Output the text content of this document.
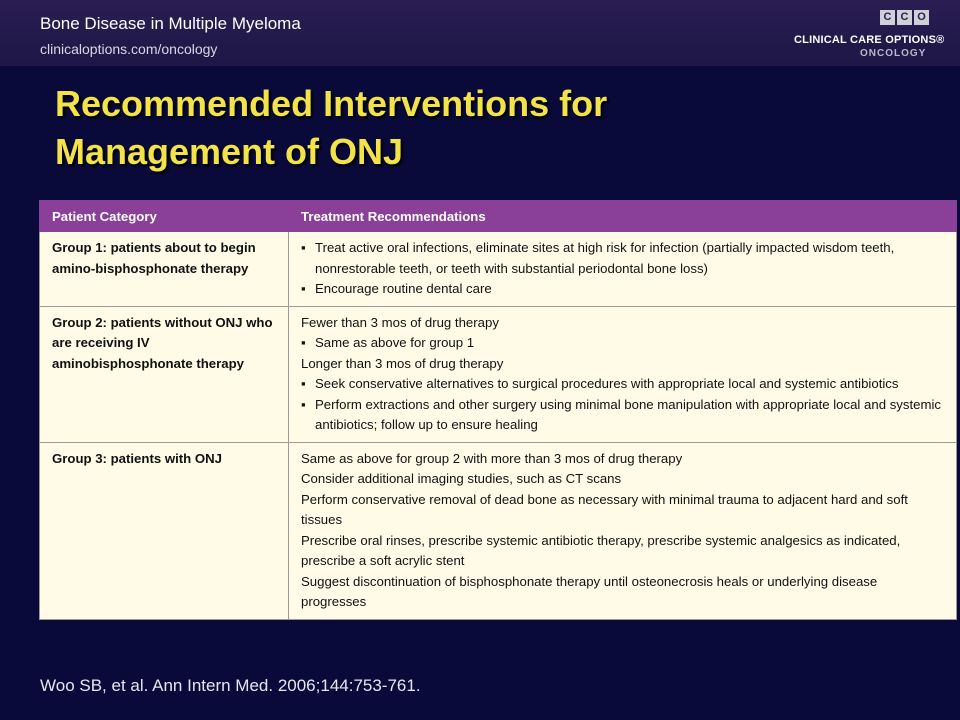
Bone Disease in Multiple Myeloma
clinicaloptions.com/oncology
C C O
CLINICAL CARE OPTIONS®
ONCOLOGY
Recommended Interventions for
Management of ONJ
Patient Category	Treatment Recommendations
Group 1: patients about to begin amino-bisphosphonate therapy	▪ Treat active oral infections, eliminate sites at high risk for infection (partially impacted wisdom teeth, nonrestorable teeth, or teeth with substantial periodontal bone loss)
▪ Encourage routine dental care

Group 2: patients without ONJ who are receiving IV aminobisphosphonate therapy	Fewer than 3 mos of drug therapy
▪ Same as above for group 1
Longer than 3 mos of drug therapy
▪ Seek conservative alternatives to surgical procedures with appropriate local and systemic antibiotics
▪ Perform extractions and other surgery using minimal bone manipulation with appropriate local and systemic antibiotics; follow up to ensure healing

Group 3: patients with ONJ	Same as above for group 2 with more than 3 mos of drug therapy
Consider additional imaging studies, such as CT scans
Perform conservative removal of dead bone as necessary with minimal trauma to adjacent hard and soft tissues
Prescribe oral rinses, prescribe systemic antibiotic therapy, prescribe systemic analgesics as indicated, prescribe a soft acrylic stent
Suggest discontinuation of bisphosphonate therapy until osteonecrosis heals or underlying disease progresses
Woo SB, et al. Ann Intern Med. 2006;144:753-761.
